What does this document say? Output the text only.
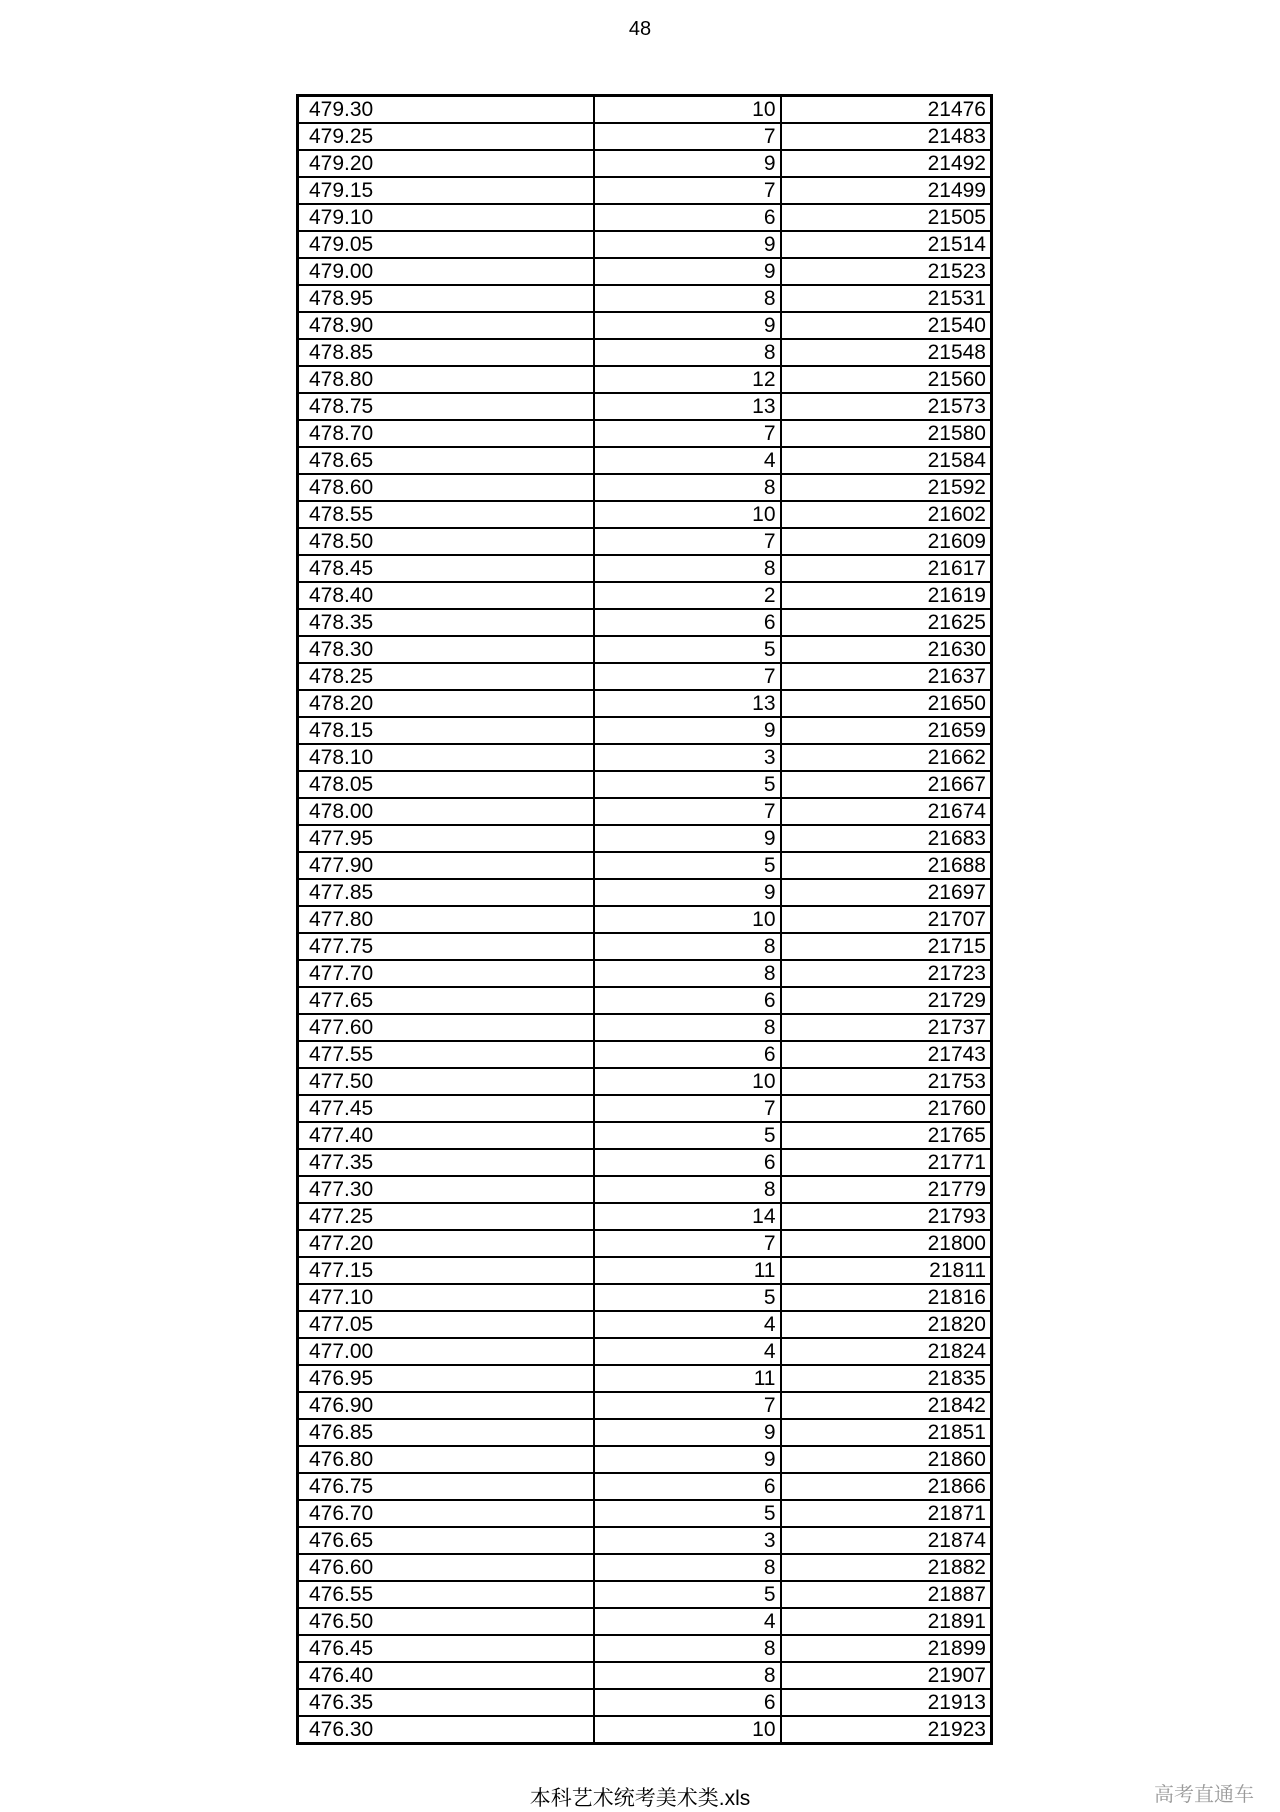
48
479.30	10	21476
479.25	7	21483
479.20	9	21492
479.15	7	21499
479.10	6	21505
479.05	9	21514
479.00	9	21523
478.95	8	21531
478.90	9	21540
478.85	8	21548
478.80	12	21560
478.75	13	21573
478.70	7	21580
478.65	4	21584
478.60	8	21592
478.55	10	21602
478.50	7	21609
478.45	8	21617
478.40	2	21619
478.35	6	21625
478.30	5	21630
478.25	7	21637
478.20	13	21650
478.15	9	21659
478.10	3	21662
478.05	5	21667
478.00	7	21674
477.95	9	21683
477.90	5	21688
477.85	9	21697
477.80	10	21707
477.75	8	21715
477.70	8	21723
477.65	6	21729
477.60	8	21737
477.55	6	21743
477.50	10	21753
477.45	7	21760
477.40	5	21765
477.35	6	21771
477.30	8	21779
477.25	14	21793
477.20	7	21800
477.15	11	21811
477.10	5	21816
477.05	4	21820
477.00	4	21824
476.95	11	21835
476.90	7	21842
476.85	9	21851
476.80	9	21860
476.75	6	21866
476.70	5	21871
476.65	3	21874
476.60	8	21882
476.55	5	21887
476.50	4	21891
476.45	8	21899
476.40	8	21907
476.35	6	21913
476.30	10	21923
本科艺术统考美术类.xls	高考直通车
